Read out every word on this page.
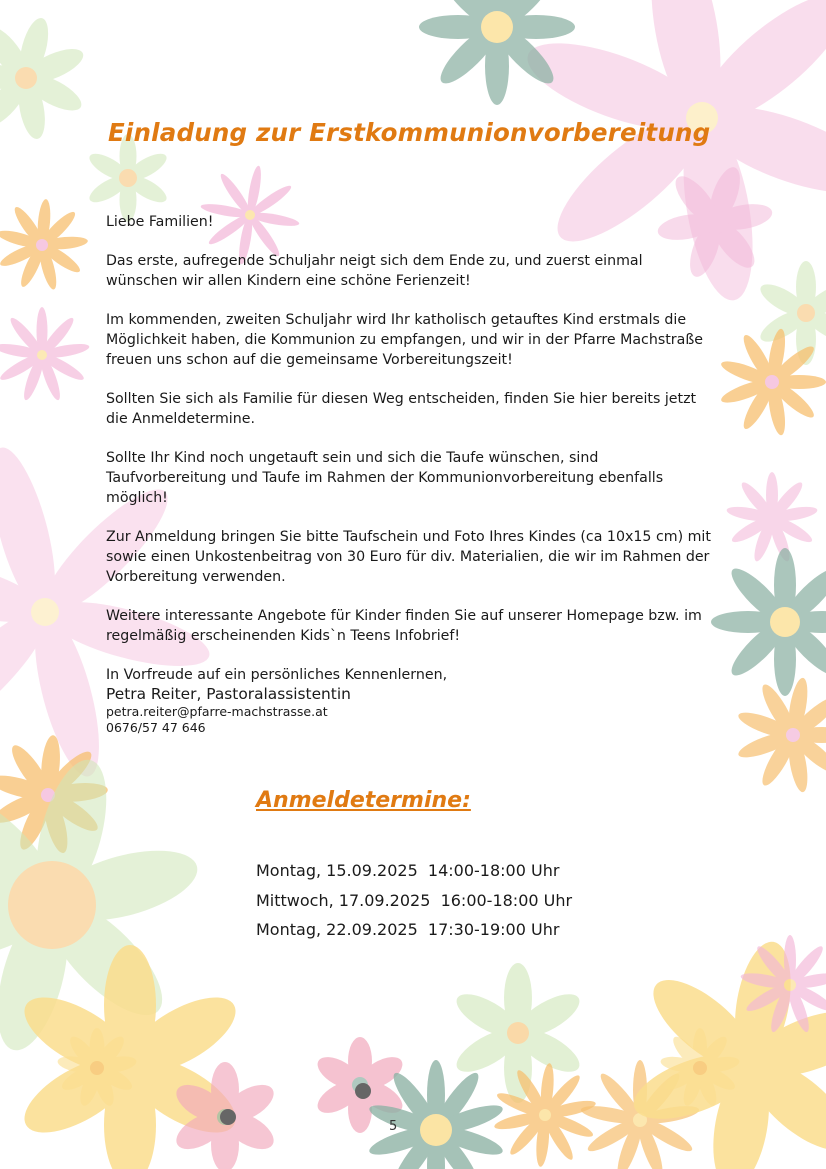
Einladung zur Erstkommunionvorbereitung

Liebe Familien!

Das erste, aufregende Schuljahr neigt sich dem Ende zu, und zuerst einmal wünschen wir allen Kindern eine schöne Ferienzeit!

Im kommenden, zweiten Schuljahr wird Ihr katholisch getauftes Kind erstmals die Möglichkeit haben, die Kommunion zu empfangen, und wir in der Pfarre Machstraße freuen uns schon auf die gemeinsame Vorbereitungszeit!

Sollten Sie sich als Familie für diesen Weg entscheiden, finden Sie hier bereits jetzt die Anmeldetermine.

Sollte Ihr Kind noch ungetauft sein und sich die Taufe wünschen, sind Taufvorbereitung und Taufe im Rahmen der Kommunionvorbereitung ebenfalls möglich!

Zur Anmeldung bringen Sie bitte Taufschein und Foto Ihres Kindes (ca 10x15 cm) mit sowie einen Unkostenbeitrag von 30 Euro für div. Materialien, die wir im Rahmen der Vorbereitung verwenden.

Weitere interessante Angebote für Kinder finden Sie auf unserer Homepage bzw. im regelmäßig erscheinenden Kids`n Teens Infobrief!

In Vorfreude auf ein persönliches Kennenlernen,
Petra Reiter, Pastoralassistentin
petra.reiter@pfarre-machstrasse.at
0676/57 47 646
Anmeldetermine:
Montag, 15.09.2025 14:00-18:00 Uhr
Mittwoch, 17.09.2025 16:00-18:00 Uhr
Montag, 22.09.2025 17:30-19:00 Uhr
5
